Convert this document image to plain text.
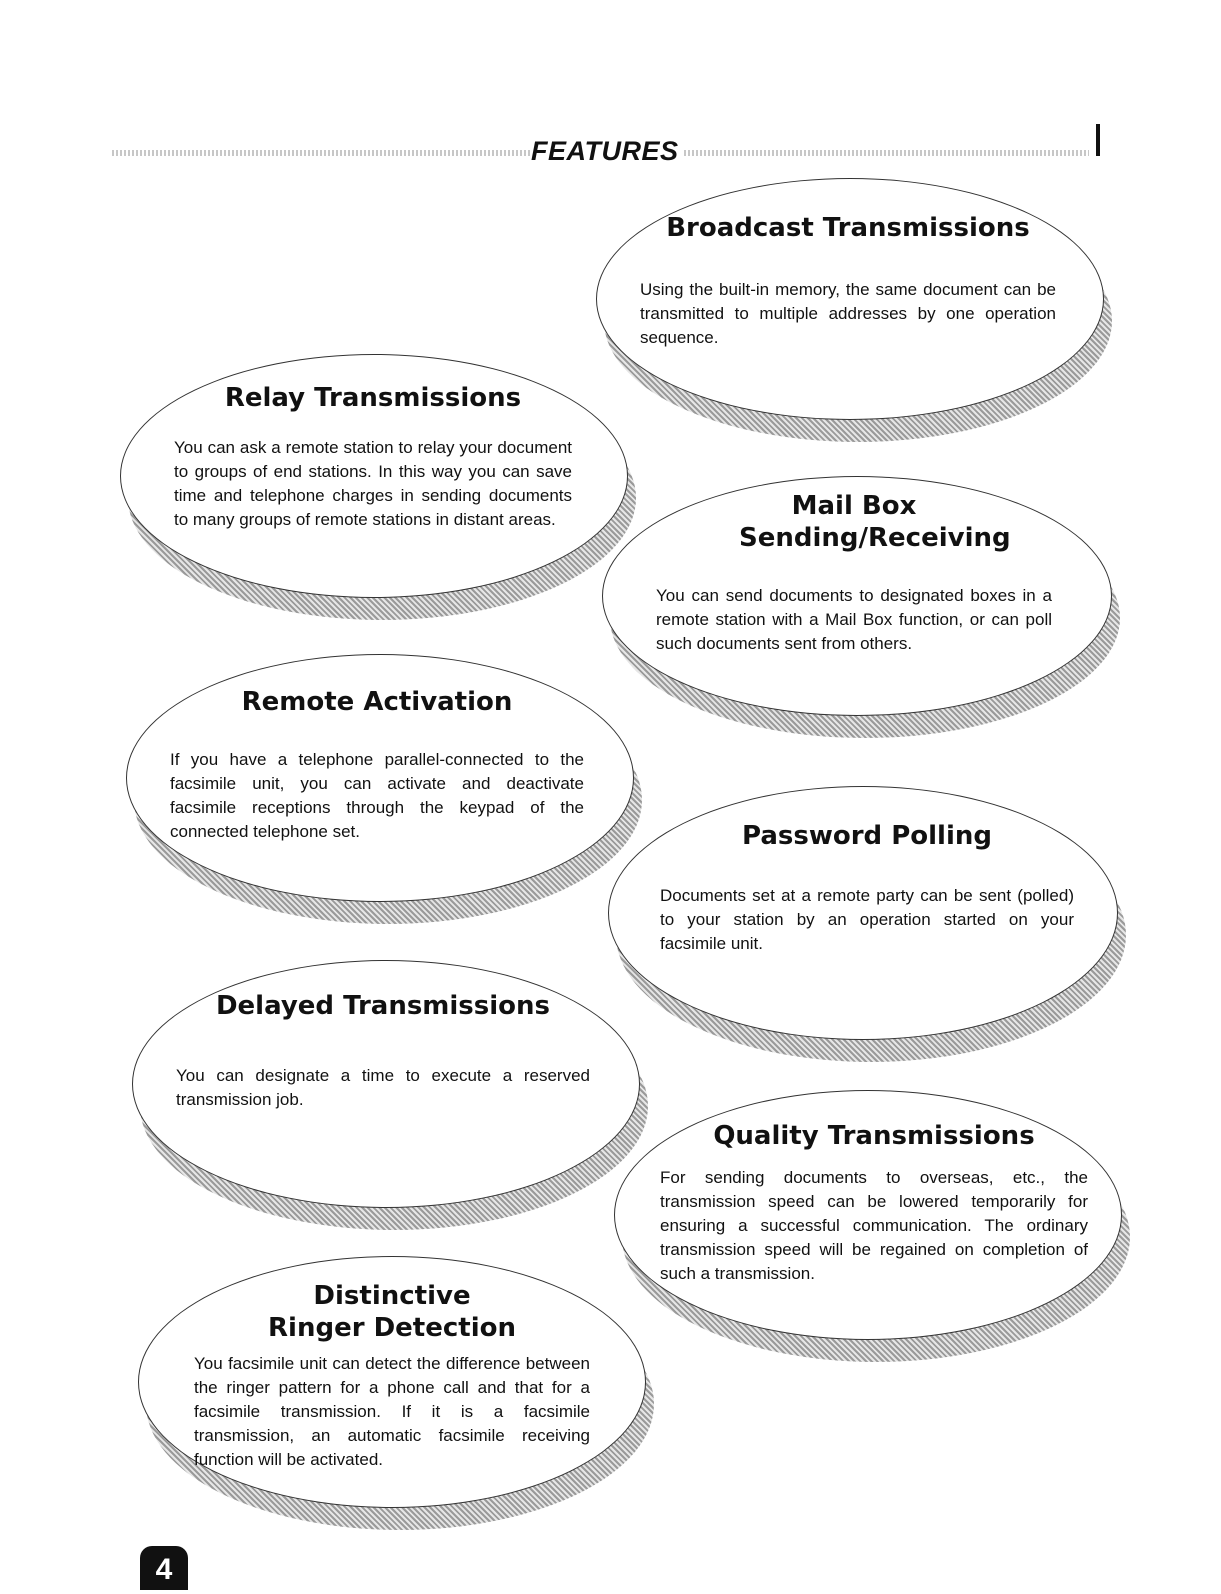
FEATURES
Broadcast Transmissions

Using the built-in memory, the same document can be transmitted to multiple addresses by one operation sequence.

Relay Transmissions

You can ask a remote station to relay your document to groups of end stations. In this way you can save time and telephone charges in sending documents to many groups of remote stations in distant areas.	Mail Box Sending/Receiving

You can send documents to designated boxes in a remote station with a Mail Box function, or can poll such documents sent from others.

Remote Activation

If you have a telephone parallel-connected to the facsimile unit, you can activate and deactivate facsimile receptions through the keypad of the connected telephone set.	Password Polling

Documents set at a remote party can be sent (polled) to your station by an operation started on your facsimile unit.

Delayed Transmissions

You can designate a time to execute a reserved transmission job.

Quality Transmissions

For sending documents to overseas, etc., the transmission speed can be lowered temporarily for ensuring a successful communication. The ordinary transmission speed will be regained on completion of such a transmission.

Distinctive Ringer Detection

You facsimile unit can detect the difference between the ringer pattern for a phone call and that for a facsimile transmission. If it is a facsimile transmission, an automatic facsimile receiving function will be activated.

4
